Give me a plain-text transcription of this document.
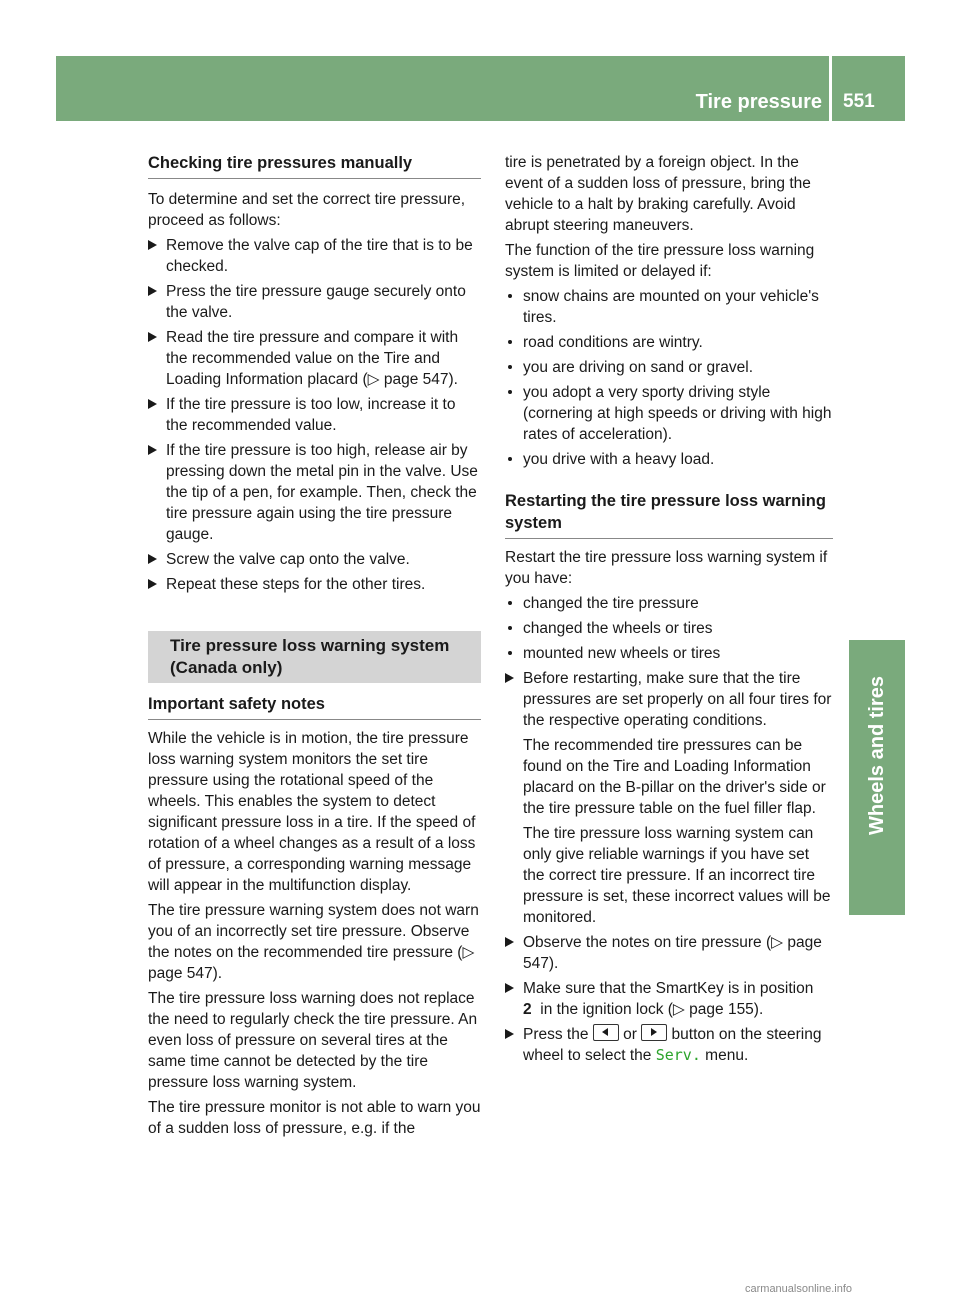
Tire pressure 551
Wheels and tires
Checking tire pressures manually

To determine and set the correct tire pressure, proceed as follows:

Remove the valve cap of the tire that is to be checked.
Press the tire pressure gauge securely onto the valve.
Read the tire pressure and compare it with the recommended value on the Tire and Loading Information placard (▷ page 547).
If the tire pressure is too low, increase it to the recommended value.
If the tire pressure is too high, release air by pressing down the metal pin in the valve. Use the tip of a pen, for example. Then, check the tire pressure again using the tire pressure gauge.
Screw the valve cap onto the valve.
Repeat these steps for the other tires.
Tire pressure loss warning system (Canada only)
Important safety notes

While the vehicle is in motion, the tire pressure loss warning system monitors the set tire pressure using the rotational speed of the wheels. This enables the system to detect significant pressure loss in a tire. If the speed of rotation of a wheel changes as a result of a loss of pressure, a corresponding warning message will appear in the multifunction display.

The tire pressure warning system does not warn you of an incorrectly set tire pressure. Observe the notes on the recommended tire pressure (▷ page 547).

The tire pressure loss warning does not replace the need to regularly check the tire pressure. An even loss of pressure on several tires at the same time cannot be detected by the tire pressure loss warning system.

The tire pressure monitor is not able to warn you of a sudden loss of pressure, e.g. if the

tire is penetrated by a foreign object. In the event of a sudden loss of pressure, bring the vehicle to a halt by braking carefully. Avoid abrupt steering maneuvers.

The function of the tire pressure loss warning system is limited or delayed if:

snow chains are mounted on your vehicle's tires.
road conditions are wintry.
you are driving on sand or gravel.
you adopt a very sporty driving style (cornering at high speeds or driving with high rates of acceleration).
you drive with a heavy load.
Restarting the tire pressure loss warning system

Restart the tire pressure loss warning system if you have:

changed the tire pressure
changed the wheels or tires
mounted new wheels or tires

Before restarting, make sure that the tire pressures are set properly on all four tires for the respective operating conditions.

The recommended tire pressures can be found on the Tire and Loading Information placard on the B-pillar on the driver's side or the tire pressure table on the fuel filler flap.

The tire pressure loss warning system can only give reliable warnings if you have set the correct tire pressure. If an incorrect tire pressure is set, these incorrect values will be monitored.

Observe the notes on tire pressure (▷ page 547).
Make sure that the SmartKey is in position
2 in the ignition lock (▷ page 155).
Press the or button on the steering wheel to select the Serv. menu.
carmanualsonline.info
